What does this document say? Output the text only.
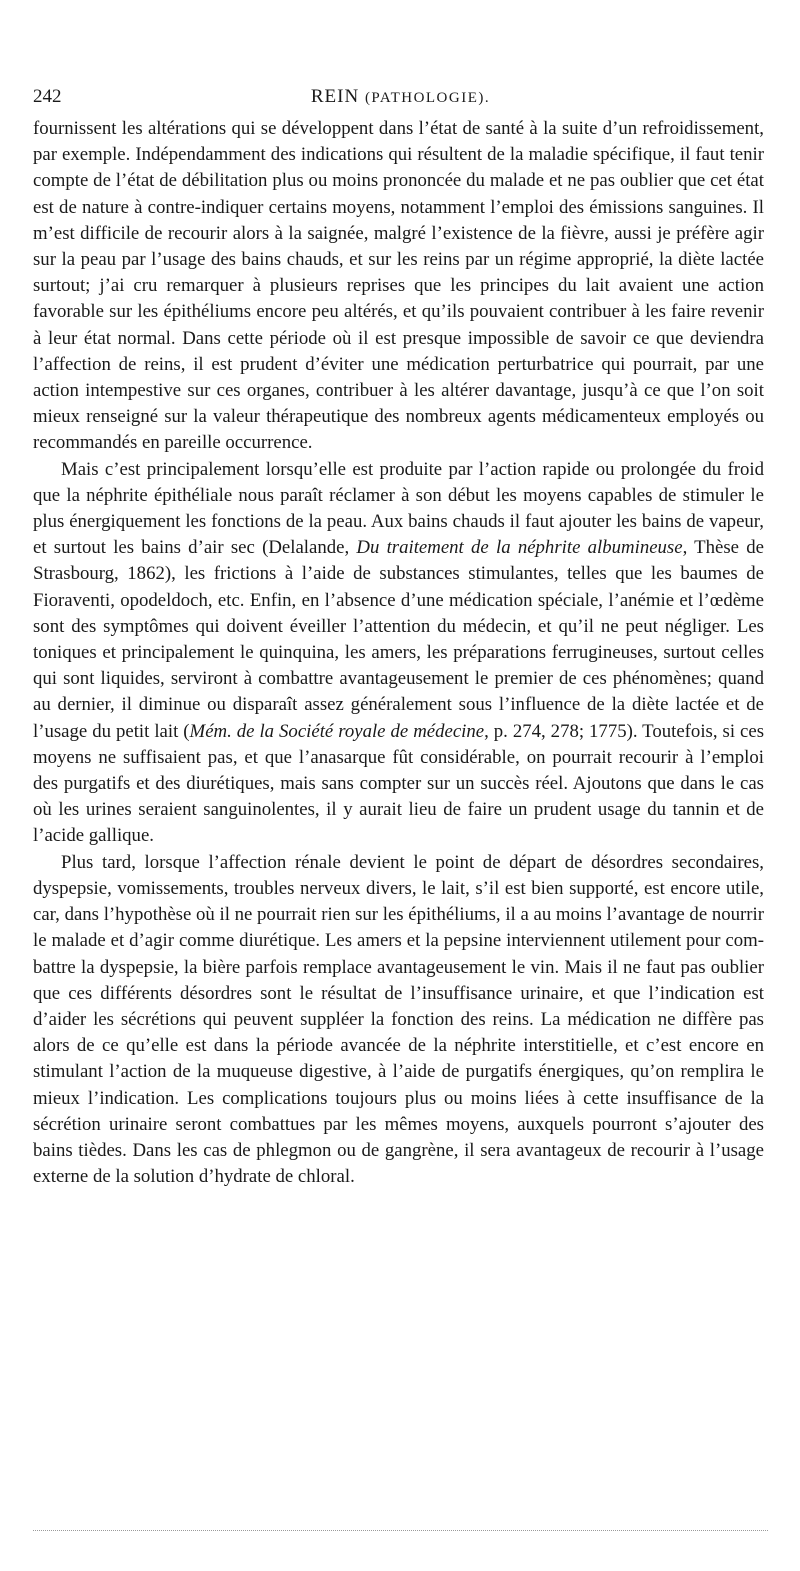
242	REIN (PATHOLOGIE).

fournissent les altérations qui se développent dans l’état de santé à la suite d’un refroidissement, par exemple. Indépendamment des indications qui résultent de la maladie spécifique, il faut tenir compte de l’état de débilitation plus ou moins prononcée du malade et ne pas oublier que cet état est de nature à contre-indiquer certains moyens, notamment l’emploi des émissions sanguines. Il m’est difficile de recourir alors à la saignée, malgré l’existence de la fièvre, aussi je préfère agir sur la peau par l’usage des bains chauds, et sur les reins par un régime approprié, la diète lactée surtout; j’ai cru remarquer à plusieurs reprises que les principes du lait avaient une action favorable sur les épithéliums encore peu altérés, et qu’ils pouvaient contribuer à les faire revenir à leur état normal. Dans cette période où il est presque impossible de savoir ce que deviendra l’affection de reins, il est prudent d’éviter une médication perturbatrice qui pourrait, par une action intempestive sur ces organes, contribuer à les altérer davantage, jusqu’à ce que l’on soit mieux renseigné sur la valeur thérapeutique des nombreux agents médicamenteux employés ou recommandés en pareille occurrence.

Mais c’est principalement lorsqu’elle est produite par l’action rapide ou prolongée du froid que la néphrite épithéliale nous paraît réclamer à son début les moyens capables de stimuler le plus énergiquement les fonctions de la peau. Aux bains chauds il faut ajouter les bains de vapeur, et surtout les bains d’air sec (Delalande, Du traitement de la néphrite albumineuse, Thèse de Strasbourg, 1862), les frictions à l’aide de substances stimulantes, telles que les baumes de Fioraventi, opodeldoch, etc. Enfin, en l’absence d’une médication spéciale, l’anémie et l’œdème sont des symptômes qui doivent éveiller l’attention du médecin, et qu’il ne peut négliger. Les toniques et principalement le quinquina, les amers, les préparations ferrugineuses, surtout celles qui sont liquides, serviront à combattre avantageusement le premier de ces phénomènes; quand au dernier, il diminue ou disparaît assez généralement sous l’influence de la diète lactée et de l’usage du petit lait (Mém. de la Société royale de médecine, p. 274, 278; 1775). Toutefois, si ces moyens ne suffisaient pas, et que l’anasarque fût considérable, on pourrait recourir à l’emploi des purgatifs et des diurétiques, mais sans compter sur un succès réel. Ajoutons que dans le cas où les urines seraient sanguinolentes, il y aurait lieu de faire un prudent usage du tannin et de l’acide gallique.

Plus tard, lorsque l’affection rénale devient le point de départ de désordres secondaires, dyspepsie, vomissements, troubles nerveux divers, le lait, s’il est bien supporté, est encore utile, car, dans l’hypothèse où il ne pourrait rien sur les épithéliums, il a au moins l’avantage de nourrir le malade et d’agir comme diurétique. Les amers et la pepsine interviennent utilement pour combattre la dyspepsie, la bière parfois remplace avantageusement le vin. Mais il ne faut pas oublier que ces différents désordres sont le résultat de l’insuffisance urinaire, et que l’indication est d’aider les sécrétions qui peuvent suppléer la fonction des reins. La médication ne diffère pas alors de ce qu’elle est dans la période avancée de la néphrite interstitielle, et c’est encore en stimulant l’action de la muqueuse digestive, à l’aide de purgatifs énergiques, qu’on remplira le mieux l’indication. Les complications toujours plus ou moins liées à cette insuffisance de la sécrétion urinaire seront combattues par les mêmes moyens, auxquels pourront s’ajouter des bains tièdes. Dans les cas de phlegmon ou de gangrène, il sera avantageux de recourir à l’usage externe de la solution d’hydrate de chloral.
